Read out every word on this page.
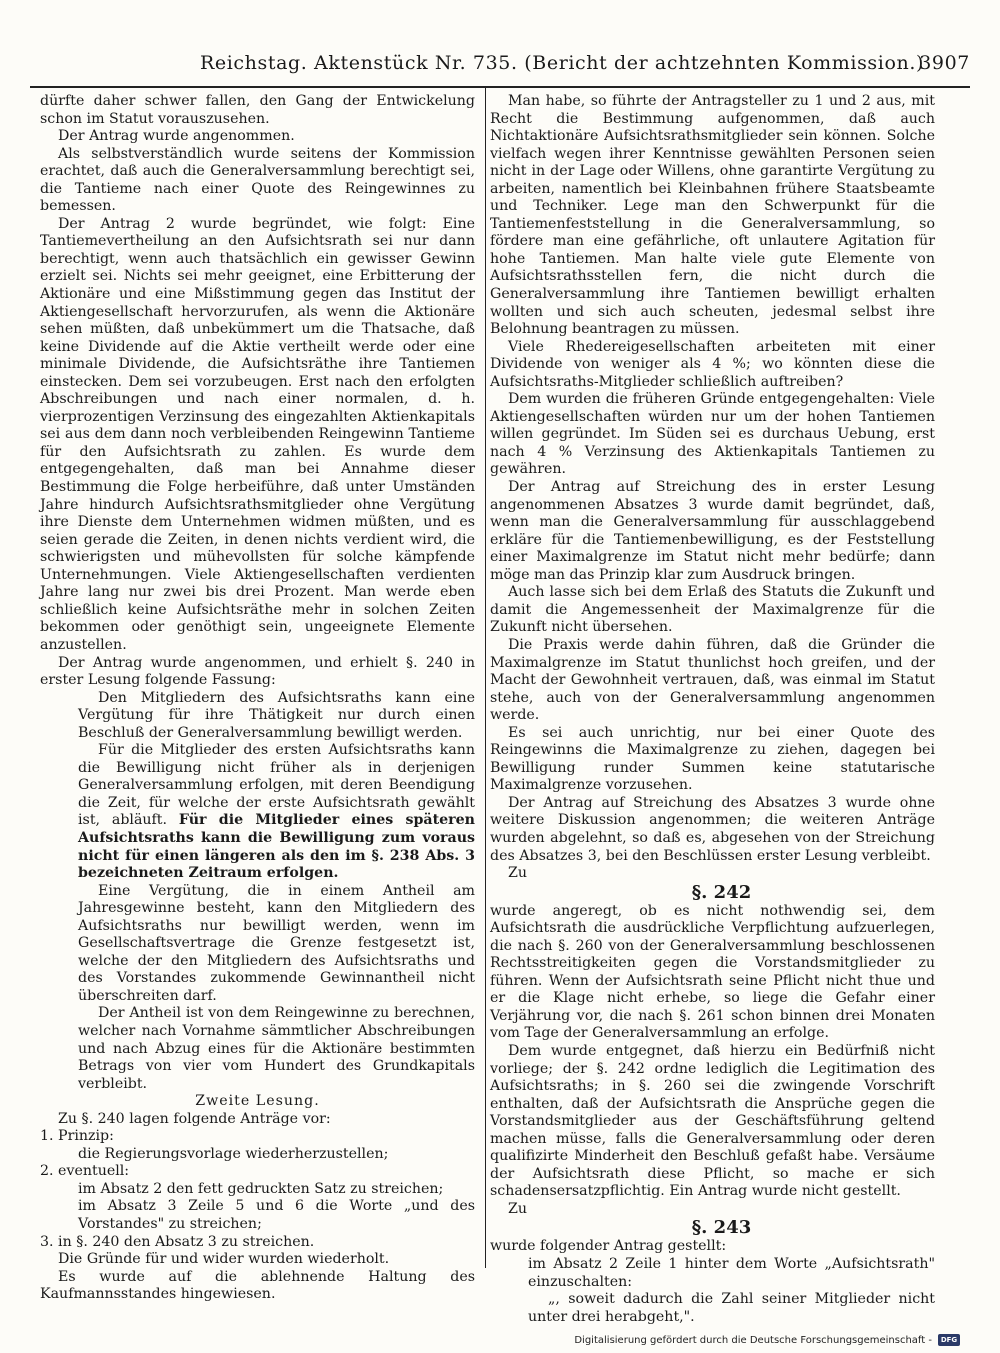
Reichstag. Aktenstück Nr. 735. (Bericht der achtzehnten Kommission.)
3907

dürfte daher schwer fallen, den Gang der Entwickelung schon im Statut vorauszusehen.

Der Antrag wurde angenommen.

Als selbstverständlich wurde seitens der Kommission erachtet, daß auch die Generalversammlung berechtigt sei, die Tantieme nach einer Quote des Reingewinnes zu bemessen.

Der Antrag 2 wurde begründet, wie folgt: Eine Tantiemevertheilung an den Aufsichtsrath sei nur dann berechtigt, wenn auch thatsächlich ein gewisser Gewinn erzielt sei. Nichts sei mehr geeignet, eine Erbitterung der Aktionäre und eine Mißstimmung gegen das Institut der Aktiengesellschaft hervorzurufen, als wenn die Aktionäre sehen müßten, daß unbekümmert um die Thatsache, daß keine Dividende auf die Aktie vertheilt werde oder eine minimale Dividende, die Aufsichtsräthe ihre Tantiemen einstecken. Dem sei vorzubeugen. Erst nach den erfolgten Abschreibungen und nach einer normalen, d. h. vierprozentigen Verzinsung des eingezahlten Aktienkapitals sei aus dem dann noch verbleibenden Reingewinn Tantieme für den Aufsichtsrath zu zahlen. Es wurde dem entgegengehalten, daß man bei Annahme dieser Bestimmung die Folge herbeiführe, daß unter Umständen Jahre hindurch Aufsichtsrathsmitglieder ohne Vergütung ihre Dienste dem Unternehmen widmen müßten, und es seien gerade die Zeiten, in denen nichts verdient wird, die schwierigsten und mühevollsten für solche kämpfende Unternehmungen. Viele Aktiengesellschaften verdienten Jahre lang nur zwei bis drei Prozent. Man werde eben schließlich keine Aufsichtsräthe mehr in solchen Zeiten bekommen oder genöthigt sein, ungeeignete Elemente anzustellen.

Der Antrag wurde angenommen, und erhielt §. 240 in erster Lesung folgende Fassung:

Den Mitgliedern des Aufsichtsraths kann eine Vergütung für ihre Thätigkeit nur durch einen Beschluß der Generalversammlung bewilligt werden.

Für die Mitglieder des ersten Aufsichtsraths kann die Bewilligung nicht früher als in derjenigen Generalversammlung erfolgen, mit deren Beendigung die Zeit, für welche der erste Aufsichtsrath gewählt ist, abläuft. Für die Mitglieder eines späteren Aufsichtsraths kann die Bewilligung zum voraus nicht für einen längeren als den im §. 238 Abs. 3 bezeichneten Zeitraum erfolgen.

Eine Vergütung, die in einem Antheil am Jahresgewinne besteht, kann den Mitgliedern des Aufsichtsraths nur bewilligt werden, wenn im Gesellschaftsvertrage die Grenze festgesetzt ist, welche der den Mitgliedern des Aufsichtsraths und des Vorstandes zukommende Gewinnantheil nicht überschreiten darf.

Der Antheil ist von dem Reingewinne zu berechnen, welcher nach Vornahme sämmtlicher Abschreibungen und nach Abzug eines für die Aktionäre bestimmten Betrags von vier vom Hundert des Grundkapitals verbleibt.

Zweite Lesung.

Zu §. 240 lagen folgende Anträge vor:

1. Prinzip:

die Regierungsvorlage wiederherzustellen;

2. eventuell:

im Absatz 2 den fett gedruckten Satz zu streichen;

im Absatz 3 Zeile 5 und 6 die Worte „und des Vorstandes" zu streichen;

3. in §. 240 den Absatz 3 zu streichen.

Die Gründe für und wider wurden wiederholt.

Es wurde auf die ablehnende Haltung des Kaufmannsstandes hingewiesen.

Man habe, so führte der Antragsteller zu 1 und 2 aus, mit Recht die Bestimmung aufgenommen, daß auch Nichtaktionäre Aufsichtsrathsmitglieder sein können. Solche vielfach wegen ihrer Kenntnisse gewählten Personen seien nicht in der Lage oder Willens, ohne garantirte Vergütung zu arbeiten, namentlich bei Kleinbahnen frühere Staatsbeamte und Techniker. Lege man den Schwerpunkt für die Tantiemenfeststellung in die Generalversammlung, so fördere man eine gefährliche, oft unlautere Agitation für hohe Tantiemen. Man halte viele gute Elemente von Aufsichtsrathsstellen fern, die nicht durch die Generalversammlung ihre Tantiemen bewilligt erhalten wollten und sich auch scheuten, jedesmal selbst ihre Belohnung beantragen zu müssen.

Viele Rhedereigesellschaften arbeiteten mit einer Dividende von weniger als 4 %; wo könnten diese die Aufsichtsraths-Mitglieder schließlich auftreiben?

Dem wurden die früheren Gründe entgegengehalten: Viele Aktiengesellschaften würden nur um der hohen Tantiemen willen gegründet. Im Süden sei es durchaus Uebung, erst nach 4 % Verzinsung des Aktienkapitals Tantiemen zu gewähren.

Der Antrag auf Streichung des in erster Lesung angenommenen Absatzes 3 wurde damit begründet, daß, wenn man die Generalversammlung für ausschlaggebend erkläre für die Tantiemenbewilligung, es der Feststellung einer Maximalgrenze im Statut nicht mehr bedürfe; dann möge man das Prinzip klar zum Ausdruck bringen.

Auch lasse sich bei dem Erlaß des Statuts die Zukunft und damit die Angemessenheit der Maximalgrenze für die Zukunft nicht übersehen.

Die Praxis werde dahin führen, daß die Gründer die Maximalgrenze im Statut thunlichst hoch greifen, und der Macht der Gewohnheit vertrauen, daß, was einmal im Statut stehe, auch von der Generalversammlung angenommen werde.

Es sei auch unrichtig, nur bei einer Quote des Reingewinns die Maximalgrenze zu ziehen, dagegen bei Bewilligung runder Summen keine statutarische Maximalgrenze vorzusehen.

Der Antrag auf Streichung des Absatzes 3 wurde ohne weitere Diskussion angenommen; die weiteren Anträge wurden abgelehnt, so daß es, abgesehen von der Streichung des Absatzes 3, bei den Beschlüssen erster Lesung verbleibt.

Zu

§. 242

wurde angeregt, ob es nicht nothwendig sei, dem Aufsichtsrath die ausdrückliche Verpflichtung aufzuerlegen, die nach §. 260 von der Generalversammlung beschlossenen Rechtsstreitigkeiten gegen die Vorstandsmitglieder zu führen. Wenn der Aufsichtsrath seine Pflicht nicht thue und er die Klage nicht erhebe, so liege die Gefahr einer Verjährung vor, die nach §. 261 schon binnen drei Monaten vom Tage der Generalversammlung an erfolge.

Dem wurde entgegnet, daß hierzu ein Bedürfniß nicht vorliege; der §. 242 ordne lediglich die Legitimation des Aufsichtsraths; in §. 260 sei die zwingende Vorschrift enthalten, daß der Aufsichtsrath die Ansprüche gegen die Vorstandsmitglieder aus der Geschäftsführung geltend machen müsse, falls die Generalversammlung oder deren qualifizirte Minderheit den Beschluß gefaßt habe. Versäume der Aufsichtsrath diese Pflicht, so mache er sich schadensersatzpflichtig. Ein Antrag wurde nicht gestellt.

Zu

§. 243

wurde folgender Antrag gestellt:

im Absatz 2 Zeile 1 hinter dem Worte „Aufsichtsrath" einzuschalten:

„, soweit dadurch die Zahl seiner Mitglieder nicht unter drei herabgeht,".

Digitalisierung gefördert durch die Deutsche Forschungsgemeinschaft -	DFG
